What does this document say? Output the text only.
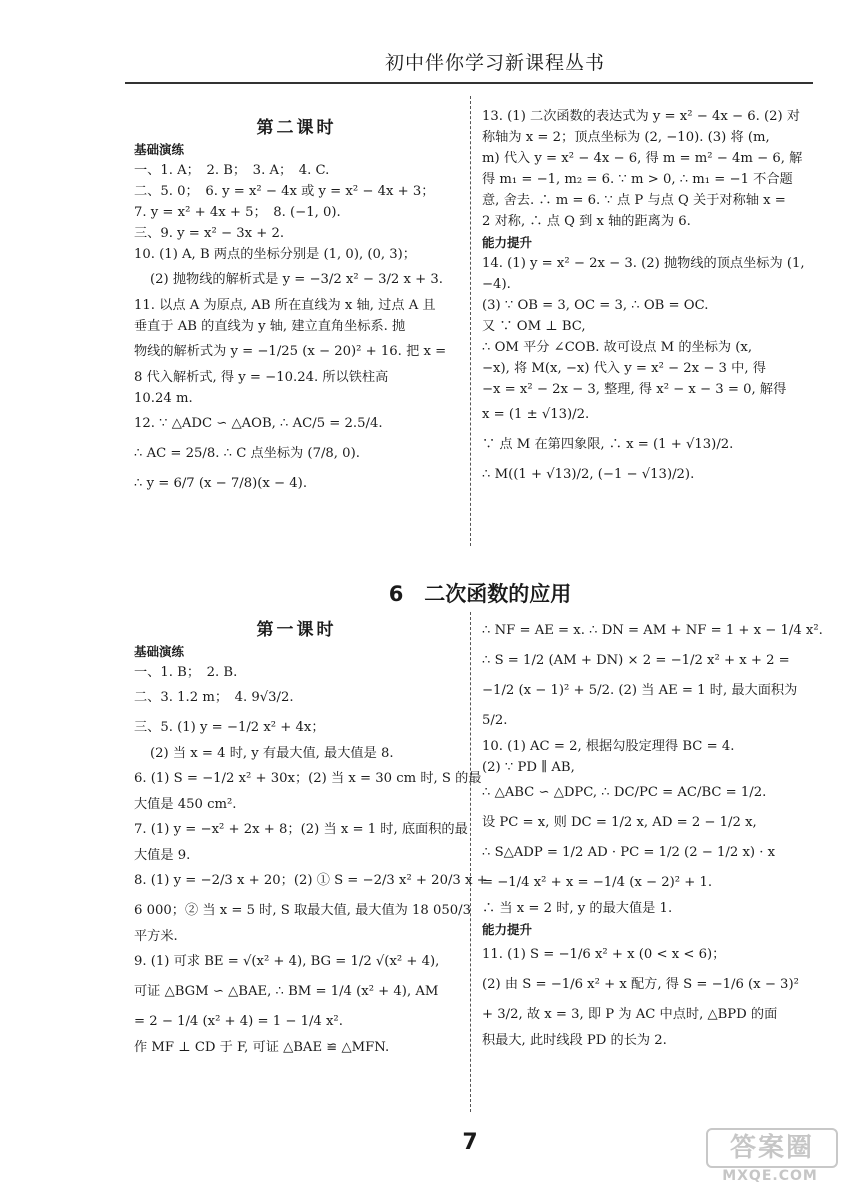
初中伴你学习新课程丛书

第二课时

基础演练

一、1. A；　2. B；　3. A；　4. C.

二、5. 0；　6. y = x² − 4x 或 y = x² − 4x + 3；

7. y = x² + 4x + 5；　8. (−1, 0).

三、9. y = x² − 3x + 2.

10. (1) A, B 两点的坐标分别是 (1, 0), (0, 3)；

(2) 抛物线的解析式是 y = −3/2 x² − 3/2 x + 3.

11. 以点 A 为原点, AB 所在直线为 x 轴, 过点 A 且

垂直于 AB 的直线为 y 轴, 建立直角坐标系. 抛

物线的解析式为 y = −1/25 (x − 20)² + 16. 把 x =

8 代入解析式, 得 y = −10.24. 所以铁柱高

10.24 m.

12. ∵ △ADC ∽ △AOB, ∴ AC/5 = 2.5/4.

∴ AC = 25/8. ∴ C 点坐标为 (7/8, 0).

∴ y = 6/7 (x − 7/8)(x − 4).

13. (1) 二次函数的表达式为 y = x² − 4x − 6. (2) 对

称轴为 x = 2；顶点坐标为 (2, −10). (3) 将 (m,

m) 代入 y = x² − 4x − 6, 得 m = m² − 4m − 6, 解

得 m₁ = −1, m₂ = 6. ∵ m > 0, ∴ m₁ = −1 不合题

意, 舍去. ∴ m = 6. ∵ 点 P 与点 Q 关于对称轴 x =

2 对称, ∴ 点 Q 到 x 轴的距离为 6.

能力提升

14. (1) y = x² − 2x − 3. (2) 抛物线的顶点坐标为 (1,

−4).

(3) ∵ OB = 3, OC = 3, ∴ OB = OC.

又 ∵ OM ⊥ BC,

∴ OM 平分 ∠COB. 故可设点 M 的坐标为 (x,

−x), 将 M(x, −x) 代入 y = x² − 2x − 3 中, 得

−x = x² − 2x − 3, 整理, 得 x² − x − 3 = 0, 解得

x = (1 ± √13)/2.

∵ 点 M 在第四象限, ∴ x = (1 + √13)/2.

∴ M((1 + √13)/2, (−1 − √13)/2).

6　二次函数的应用

第一课时

基础演练

一、1. B；　2. B.

二、3. 1.2 m；　4. 9√3/2.

三、5. (1) y = −1/2 x² + 4x；

(2) 当 x = 4 时, y 有最大值, 最大值是 8.

6. (1) S = −1/2 x² + 30x；(2) 当 x = 30 cm 时, S 的最

大值是 450 cm².

7. (1) y = −x² + 2x + 8；(2) 当 x = 1 时, 底面积的最

大值是 9.

8. (1) y = −2/3 x + 20；(2) ① S = −2/3 x² + 20/3 x +

6 000；② 当 x = 5 时, S 取最大值, 最大值为 18 050/3

平方米.

9. (1) 可求 BE = √(x² + 4), BG = 1/2 √(x² + 4),

可证 △BGM ∽ △BAE, ∴ BM = 1/4 (x² + 4), AM

= 2 − 1/4 (x² + 4) = 1 − 1/4 x².

作 MF ⊥ CD 于 F, 可证 △BAE ≌ △MFN.

∴ NF = AE = x. ∴ DN = AM + NF = 1 + x − 1/4 x².

∴ S = 1/2 (AM + DN) × 2 = −1/2 x² + x + 2 =

−1/2 (x − 1)² + 5/2. (2) 当 AE = 1 时, 最大面积为

5/2.

10. (1) AC = 2, 根据勾股定理得 BC = 4.

(2) ∵ PD ∥ AB,

∴ △ABC ∽ △DPC, ∴ DC/PC = AC/BC = 1/2.

设 PC = x, 则 DC = 1/2 x, AD = 2 − 1/2 x,

∴ S△ADP = 1/2 AD · PC = 1/2 (2 − 1/2 x) · x

= −1/4 x² + x = −1/4 (x − 2)² + 1.

∴ 当 x = 2 时, y 的最大值是 1.

能力提升

11. (1) S = −1/6 x² + x (0 < x < 6)；

(2) 由 S = −1/6 x² + x 配方, 得 S = −1/6 (x − 3)²

+ 3/2, 故 x = 3, 即 P 为 AC 中点时, △BPD 的面

积最大, 此时线段 PD 的长为 2.

7	答案圈
MXQE.COM
